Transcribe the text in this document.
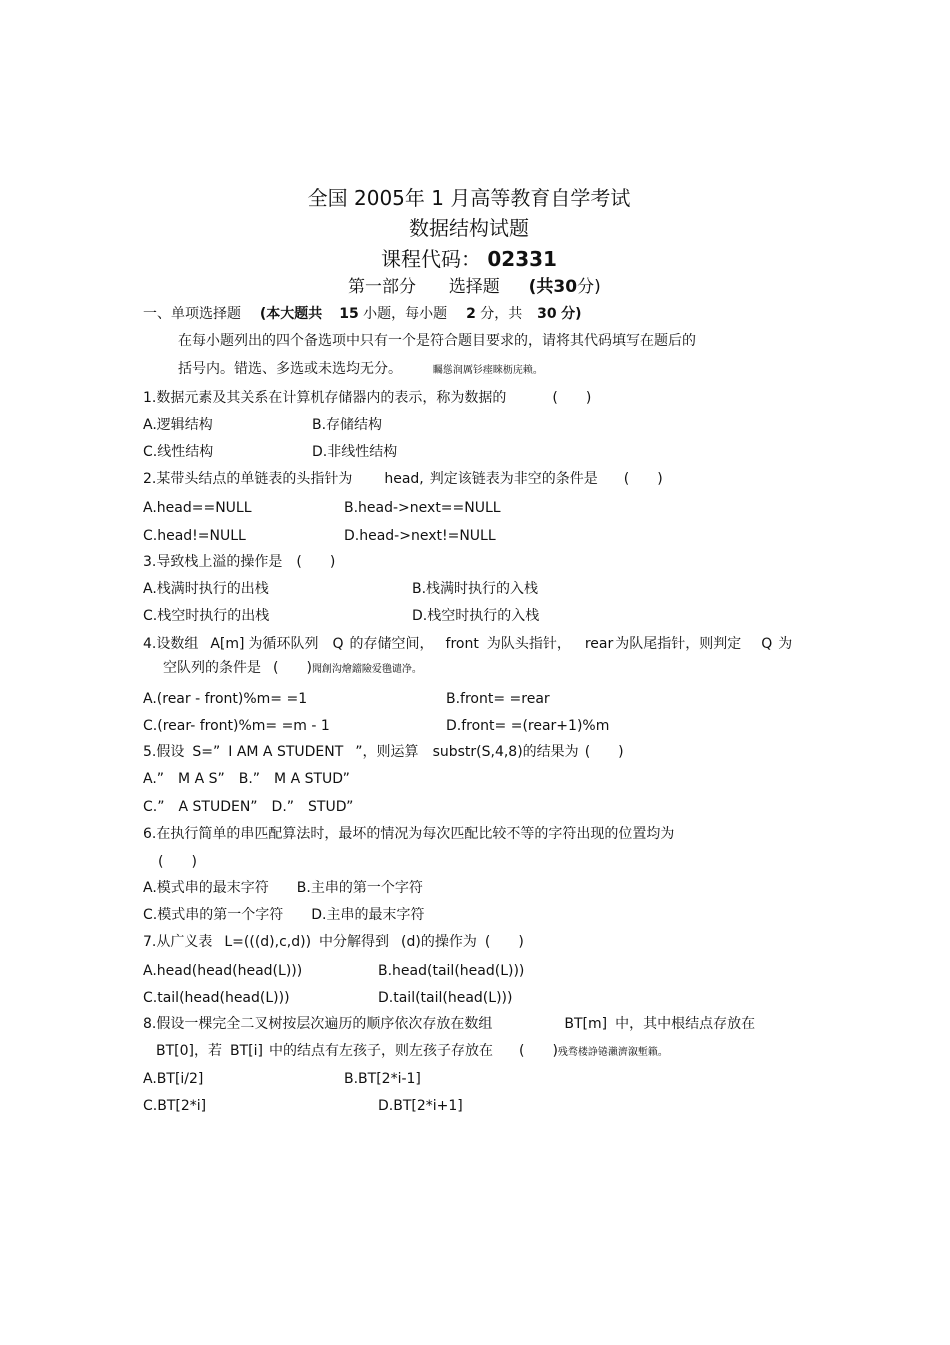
全国 2005年 1 月高等教育自学考试
数据结构试题
课程代码： 02331
第一部分 选择题 (共30分)
一、单项选择题 (本大题共 15 小题，每小题 2 分，共 30 分)
在每小题列出的四个备选项中只有一个是符合题目要求的，请将其代码填写在题后的
括号内。错选、多选或未选均无分。	矚慫润厲钐瘗睞枥庑赖。
1.数据元素及其关系在计算机存储器内的表示，称为数据的	(　　)
A.逻辑结构	B.存储结构
C.线性结构	D.非线性结构
2.某带头结点的单链表的头指针为 head, 判定该链表为非空的条件是 (　　)
A.head==NULL	B.head->next==NULL
C.head!=NULL	D.head->next!=NULL
3.导致栈上溢的操作是 (　　)
A.栈满时执行的出栈	B.栈满时执行的入栈
C.栈空时执行的出栈	D.栈空时执行的入栈
4.设数组 A[m] 为循环队列 Q 的存储空间， front 为队头指针， rear 为队尾指针，则判定 Q 为
空队列的条件是 (　　)聞創沟燴鐺險爱氇谴净。
A.(rear - front)%m= =1	B.front= =rear
C.(rear- front)%m= =m - 1	D.front= =(rear+1)%m
5.假设 S=” I AM A STUDENT ”，则运算 substr(S,4,8)的结果为 (　　)
A.”　M A S”　B.”　M A STUD”
C.”　A STUDEN”　D.”　STUD”
6.在执行简单的串匹配算法时，最坏的情况为每次匹配比较不等的字符出现的位置均为
(　　)
A.模式串的最末字符　　B.主串的第一个字符
C.模式串的第一个字符　　D.主串的最末字符
7.从广义表 L=(((d),c,d)) 中分解得到 (d)的操作为 (　　)
A.head(head(head(L)))	B.head(tail(head(L)))
C.tail(head(head(L)))	D.tail(tail(head(L)))
8.假设一棵完全二叉树按层次遍历的顺序依次存放在数组	BT[m] 中，其中根结点存放在
BT[0]，若 BT[i] 中的结点有左孩子，则左孩子存放在 (　　)残骛楼諍锩瀨濟溆塹籟。
A.BT[i/2]	B.BT[2*i-1]
C.BT[2*i]	D.BT[2*i+1]
